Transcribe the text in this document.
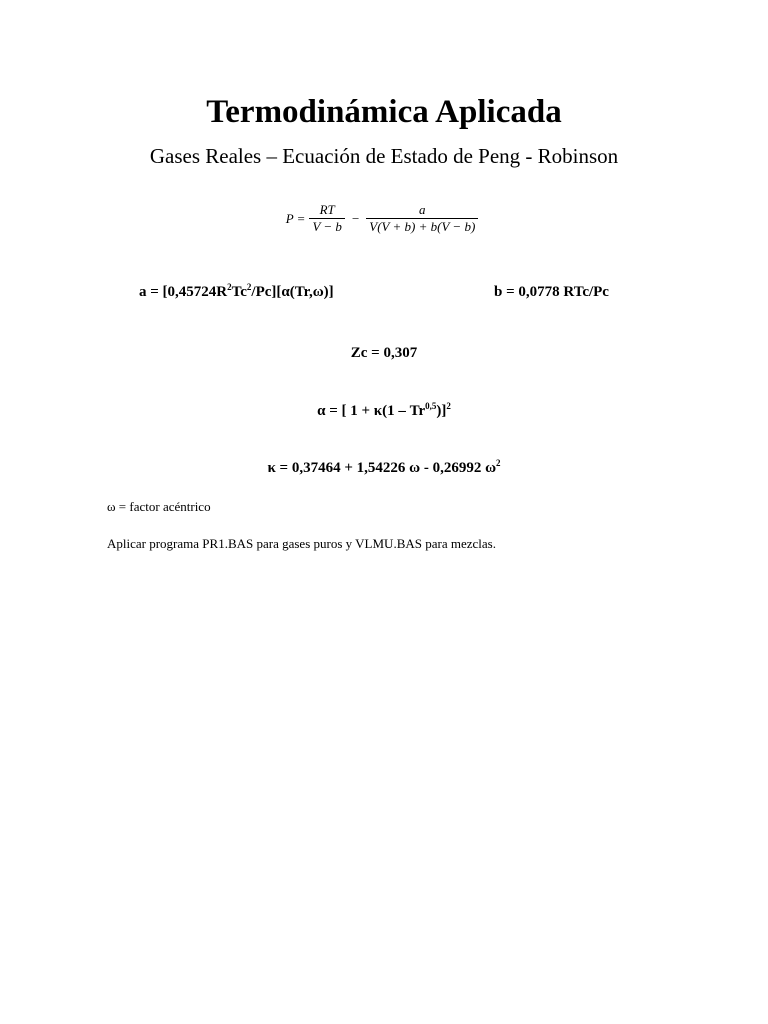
Termodinámica Aplicada
Gases Reales – Ecuación de Estado de Peng - Robinson
$P = \frac{RT}{V - b} - \frac{a}{V(V + b) + b(V - b)}$
$a = [0,45724R^2Tc^2/Pc][\alpha(Tr,\omega)]$	b = 0,0778 RTc/Pc
Zc = 0,307
α = [ 1 + κ(1 – Tr$^{0,5}$)]$^2$
κ = 0,37464 + 1,54226 ω - 0,26992 $\omega^2$
ω = factor acéntrico
Aplicar programa PR1.BAS para gases puros y VLMU.BAS para mezclas.
